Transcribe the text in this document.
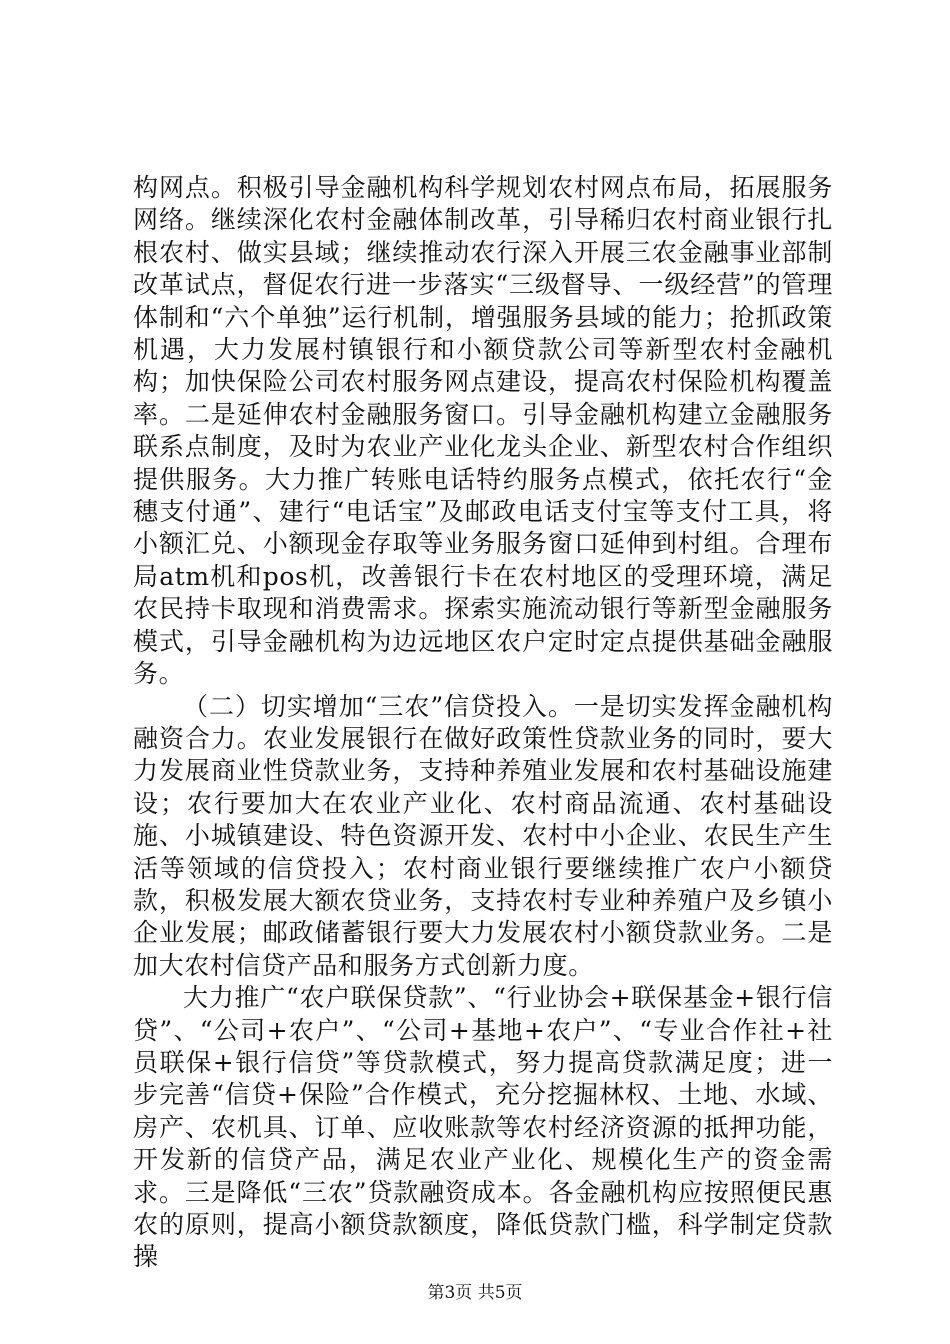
构网点。积极引导金融机构科学规划农村网点布局，拓展服务网络。继续深化农村金融体制改革，引导稀归农村商业银行扎根农村、做实县域；继续推动农行深入开展三农金融事业部制改革试点，督促农行进一步落实“三级督导、一级经营”的管理体制和“六个单独”运行机制，增强服务县域的能力；抢抓政策机遇，大力发展村镇银行和小额贷款公司等新型农村金融机构；加快保险公司农村服务网点建设，提高农村保险机构覆盖率。二是延伸农村金融服务窗口。引导金融机构建立金融服务联系点制度，及时为农业产业化龙头企业、新型农村合作组织提供服务。大力推广转账电话特约服务点模式，依托农行“金穗支付通”、建行“电话宝”及邮政电话支付宝等支付工具，将小额汇兑、小额现金存取等业务服务窗口延伸到村组。合理布局atm机和pos机，改善银行卡在农村地区的受理环境，满足农民持卡取现和消费需求。探索实施流动银行等新型金融服务模式，引导金融机构为边远地区农户定时定点提供基础金融服务。

（二）切实增加“三农”信贷投入。一是切实发挥金融机构融资合力。农业发展银行在做好政策性贷款业务的同时，要大力发展商业性贷款业务，支持种养殖业发展和农村基础设施建设；农行要加大在农业产业化、农村商品流通、农村基础设施、小城镇建设、特色资源开发、农村中小企业、农民生产生活等领域的信贷投入；农村商业银行要继续推广农户小额贷款，积极发展大额农贷业务，支持农村专业种养殖户及乡镇小企业发展；邮政储蓄银行要大力发展农村小额贷款业务。二是加大农村信贷产品和服务方式创新力度。

大力推广“农户联保贷款”、“行业协会+联保基金+银行信贷”、“公司+农户”、“公司+基地+农户”、“专业合作社+社员联保+银行信贷”等贷款模式，努力提高贷款满足度；进一步完善“信贷+保险”合作模式，充分挖掘林权、土地、水域、房产、农机具、订单、应收账款等农村经济资源的抵押功能，开发新的信贷产品，满足农业产业化、规模化生产的资金需求。三是降低“三农”贷款融资成本。各金融机构应按照便民惠农的原则，提高小额贷款额度，降低贷款门槛，科学制定贷款操

第3页 共5页
